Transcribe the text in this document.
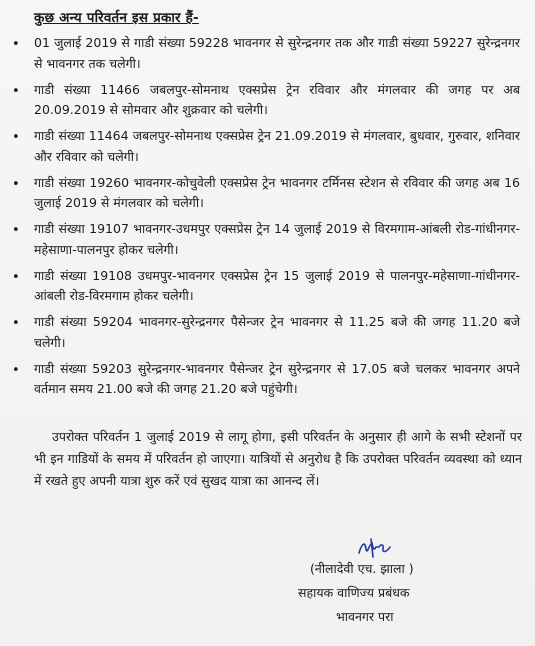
कुछ अन्य परिवर्तन इस प्रकार हैं-
• 01 जुलाई 2019 से गाडी संख्या 59228 भावनगर से सुरेन्द्रनगर तक और गाडी संख्या 59227 सुरेन्द्रनगर से भावनगर तक चलेगी।
• गाडी संख्या 11466 जबलपुर-सोमनाथ एक्सप्रेस ट्रेन रविवार और मंगलवार की जगह पर अब 20.09.2019 से सोमवार और शुक्रवार को चलेगी।
• गाडी संख्या 11464 जबलपुर-सोमनाथ एक्सप्रेस ट्रेन 21.09.2019 से मंगलवार, बुधवार, गुरुवार, शनिवार और रविवार को चलेगी।
• गाडी संख्या 19260 भावनगर-कोचुवेली एक्सप्रेस ट्रेन भावनगर टर्मिनस स्टेशन से रविवार की जगह अब 16 जुलाई 2019 से मंगलवार को चलेगी।
• गाडी संख्या 19107 भावनगर-उधमपुर एक्सप्रेस ट्रेन 14 जुलाई 2019 से विरमगाम-आंबली रोड-गांधीनगर-महेसाणा-पालनपुर होकर चलेगी।
• गाडी संख्या 19108 उधमपुर-भावनगर एक्सप्रेस ट्रेन 15 जुलाई 2019 से पालनपुर-महेसाणा-गांधीनगर-आंबली रोड-विरमगाम होकर चलेगी।
• गाडी संख्या 59204 भावनगर-सुरेन्द्रनगर पैसेन्जर ट्रेन भावनगर से 11.25 बजे की जगह 11.20 बजे चलेगी।
• गाडी संख्या 59203 सुरेन्द्रनगर-भावनगर पैसेन्जर ट्रेन सुरेन्द्रनगर से 17.05 बजे चलकर भावनगर अपने वर्तमान समय 21.00 बजे की जगह 21.20 बजे पहुंचेगी।
उपरोक्त परिवर्तन 1 जुलाई 2019 से लागू होगा, इसी परिवर्तन के अनुसार ही आगे के सभी स्टेशनों पर भी इन गाडियों के समय में परिवर्तन हो जाएगा। यात्रियों से अनुरोध है कि उपरोक्त परिवर्तन व्यवस्था को ध्यान में रखते हुए अपनी यात्रा शुरु करें एवं सुखद यात्रा का आनन्द लें।
(नीलादेवी एच. झाला )
सहायक वाणिज्य प्रबंधक
भावनगर परा
